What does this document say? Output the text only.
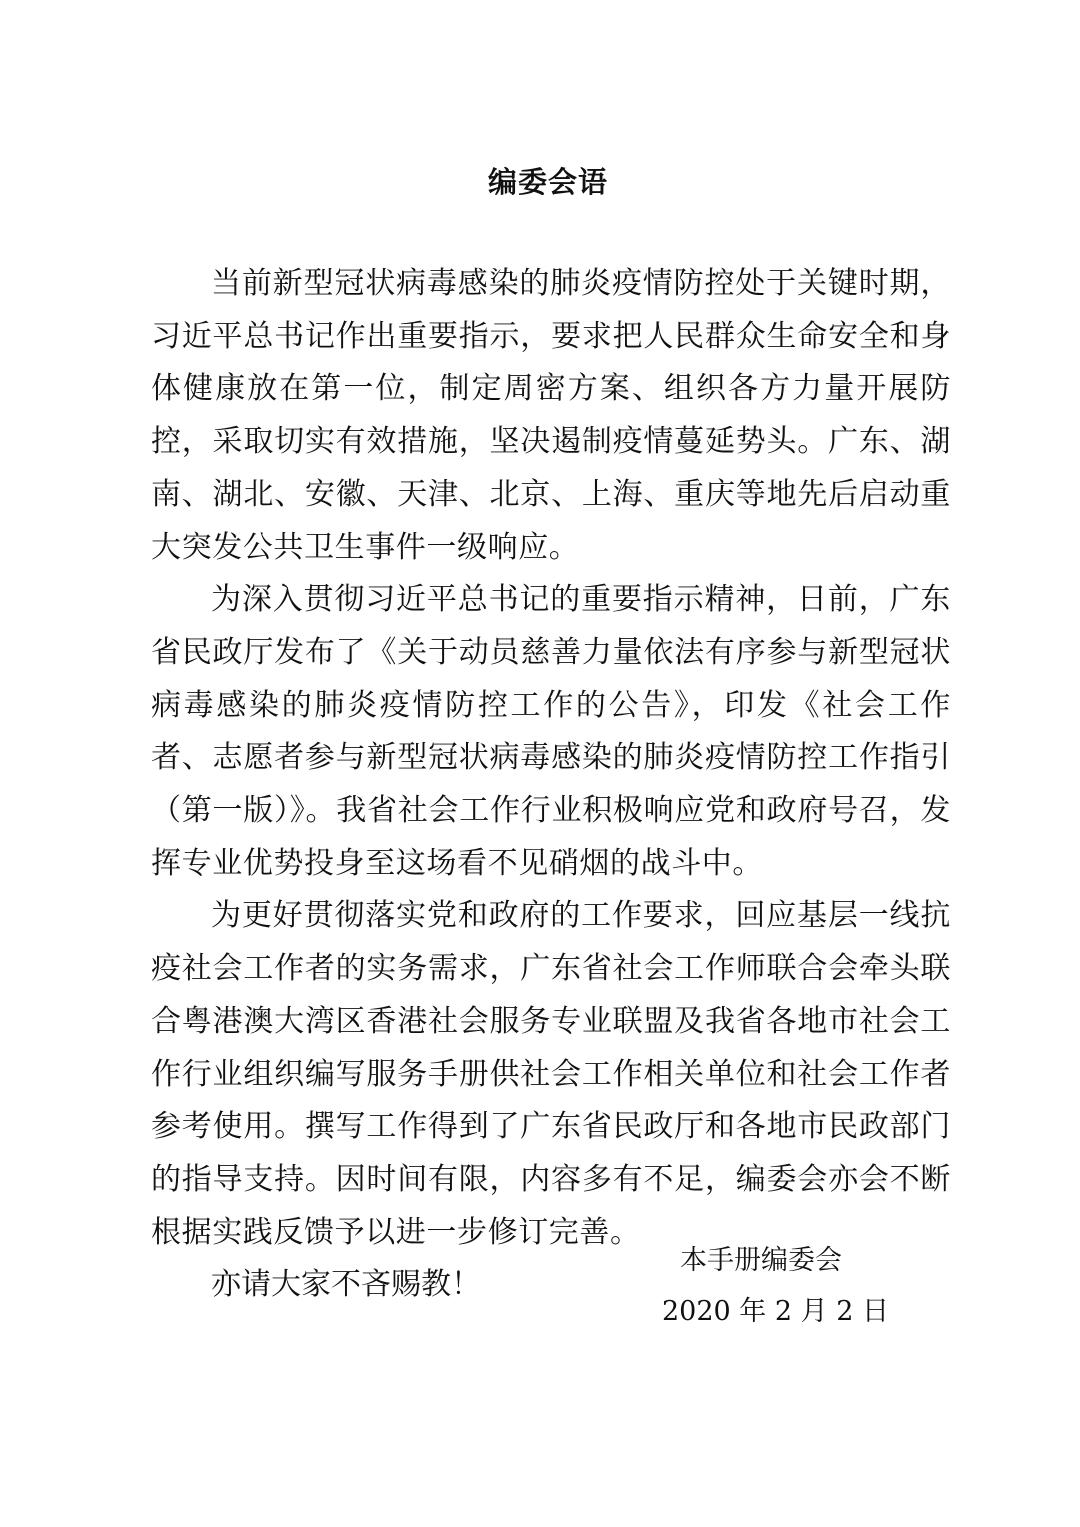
编委会语

当前新型冠状病毒感染的肺炎疫情防控处于关键时期，习近平总书记作出重要指示，要求把人民群众生命安全和身体健康放在第一位，制定周密方案、组织各方力量开展防控，采取切实有效措施，坚决遏制疫情蔓延势头。广东、湖南、湖北、安徽、天津、北京、上海、重庆等地先后启动重大突发公共卫生事件一级响应。

为深入贯彻习近平总书记的重要指示精神，日前，广东省民政厅发布了《关于动员慈善力量依法有序参与新型冠状病毒感染的肺炎疫情防控工作的公告》，印发《社会工作者、志愿者参与新型冠状病毒感染的肺炎疫情防控工作指引（第一版）》。我省社会工作行业积极响应党和政府号召，发挥专业优势投身至这场看不见硝烟的战斗中。

为更好贯彻落实党和政府的工作要求，回应基层一线抗疫社会工作者的实务需求，广东省社会工作师联合会牵头联合粤港澳大湾区香港社会服务专业联盟及我省各地市社会工作行业组织编写服务手册供社会工作相关单位和社会工作者参考使用。撰写工作得到了广东省民政厅和各地市民政部门的指导支持。因时间有限，内容多有不足，编委会亦会不断根据实践反馈予以进一步修订完善。

亦请大家不吝赐教！

本手册编委会
2020 年 2 月 2 日
